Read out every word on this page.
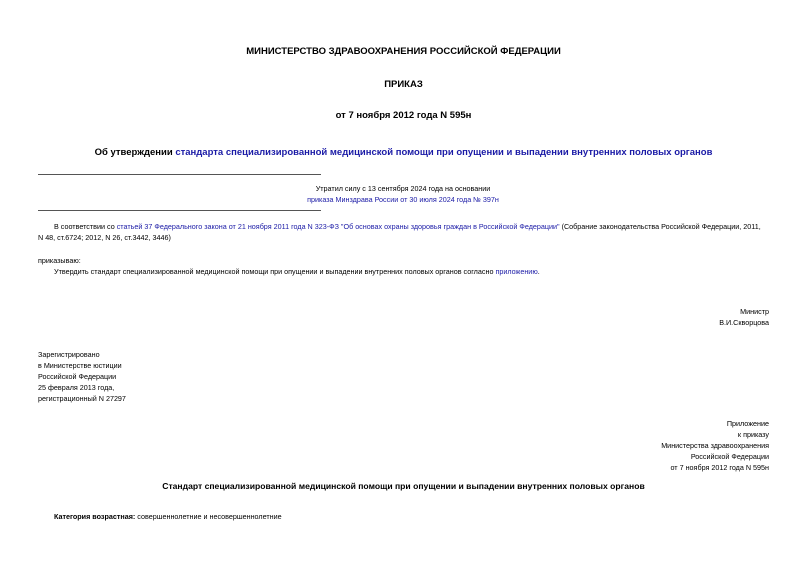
МИНИСТЕРСТВО ЗДРАВООХРАНЕНИЯ РОССИЙСКОЙ ФЕДЕРАЦИИ
ПРИКАЗ
от 7 ноября 2012 года N 595н
Об утверждении стандарта специализированной медицинской помощи при опущении и выпадении внутренних половых органов
Утратил силу с 13 сентября 2024 года на основании
приказа Минздрава России от 30 июля 2024 года № 397н
В соответствии со статьей 37 Федерального закона от 21 ноября 2011 года N 323-ФЗ "Об основах охраны здоровья граждан в Российской Федерации" (Собрание законодательства Российской Федерации, 2011,
N 48, ст.6724; 2012, N 26, ст.3442, 3446)
приказываю:
Утвердить стандарт специализированной медицинской помощи при опущении и выпадении внутренних половых органов согласно приложению.
Министр
В.И.Скворцова
Зарегистрировано
в Министерстве юстиции
Российской Федерации
25 февраля 2013 года,
регистрационный N 27297
Приложение
к приказу
Министерства здравоохранения
Российской Федерации
от 7 ноября 2012 года N 595н
Стандарт специализированной медицинской помощи при опущении и выпадении внутренних половых органов
Категория возрастная: совершеннолетние и несовершеннолетние
